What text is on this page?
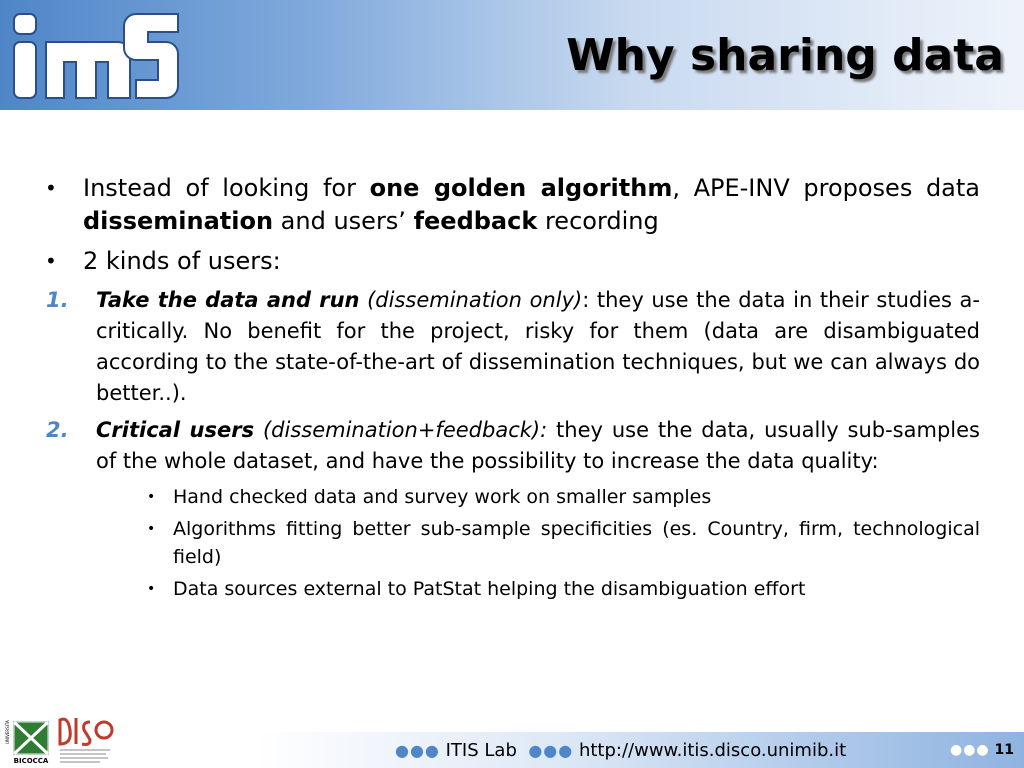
Why sharing data
• Instead of looking for one golden algorithm, APE-INV proposes data dissemination and users’ feedback recording
• 2 kinds of users:
1. Take the data and run (dissemination only): they use the data in their studies a-critically. No benefit for the project, risky for them (data are disambiguated according to the state-of-the-art of dissemination techniques, but we can always do better..).
2. Critical users (dissemination+feedback): they use the data, usually sub-samples of the whole dataset, and have the possibility to increase the data quality:
• Hand checked data and survey work on smaller samples
• Algorithms fitting better sub-sample specificities (es. Country, firm, technological field)
• Data sources external to PatStat helping the disambiguation effort
BICOCCA
UNIVERSITA
●●● ITIS Lab ●●● http://www.itis.disco.unimib.it	●●● 11
